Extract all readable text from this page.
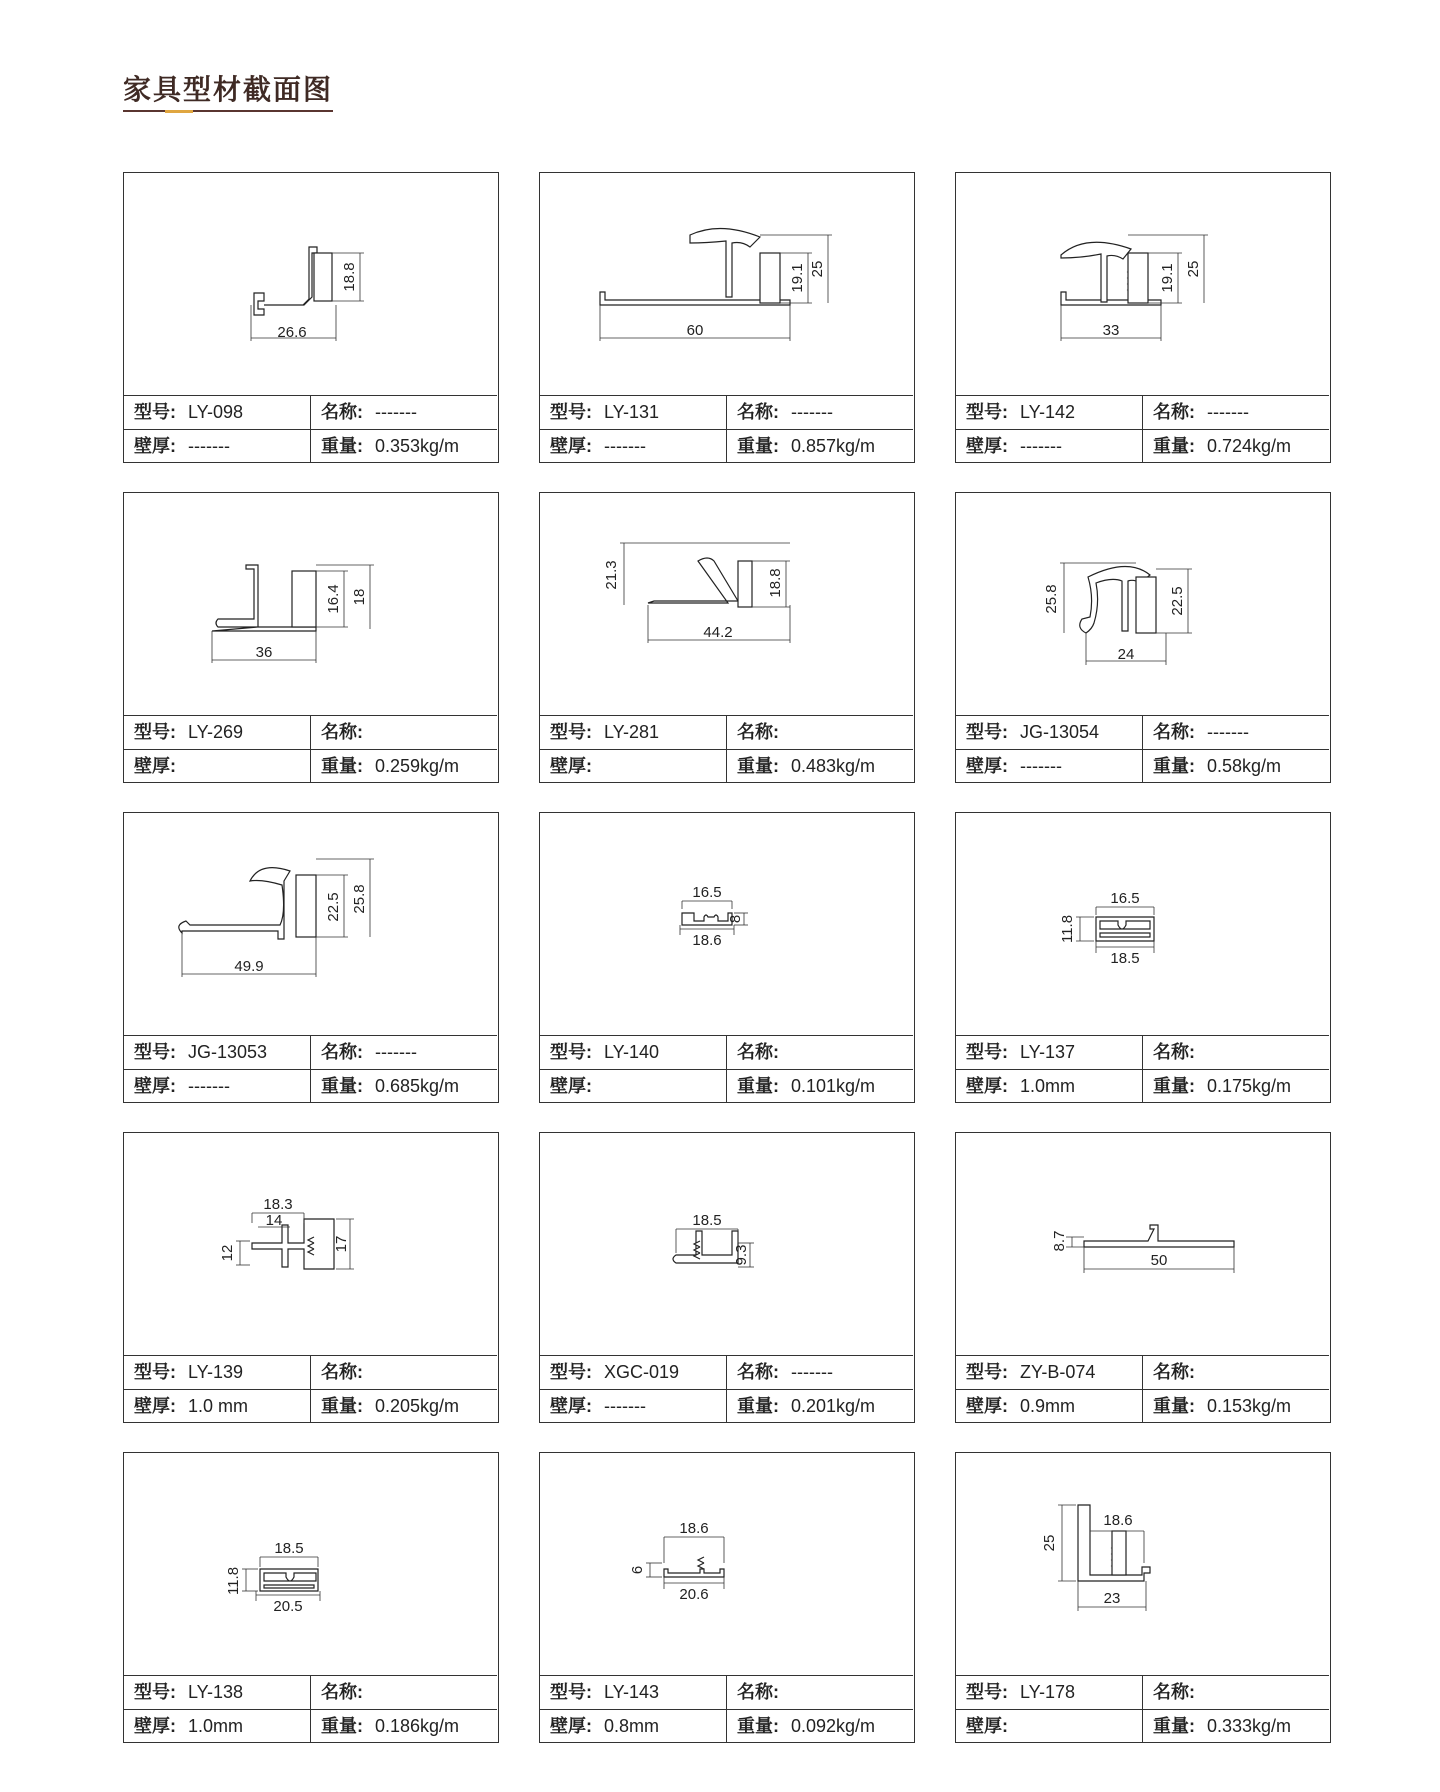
家具型材截面图
26.6
18.8
型号: LY-098	名称: -------
壁厚: -------	重量: 0.353kg/m
60
19.1 25
型号: LY-131	名称: -------
壁厚: -------	重量: 0.857kg/m
33
19.1 25
型号: LY-142	名称: -------
壁厚: -------	重量: 0.724kg/m
36
16.4 18
型号: LY-269	名称:
壁厚:	重量: 0.259kg/m
21.3
44.2
18.8
型号: LY-281	名称:
壁厚:	重量: 0.483kg/m
25.8
24
22.5
型号: JG-13054	名称: -------
壁厚: -------	重量: 0.58kg/m
49.9
22.5 25.8
型号: JG-13053	名称: -------
壁厚: -------	重量: 0.685kg/m
16.5
18.6
8
型号: LY-140	名称:
壁厚:	重量: 0.101kg/m
16.5
18.5
11.8
型号: LY-137	名称:
壁厚: 1.0mm	重量: 0.175kg/m
18.3
14
12
17
型号: LY-139	名称:
壁厚: 1.0 mm	重量: 0.205kg/m
18.5
9.3
型号: XGC-019	名称: -------
壁厚: -------	重量: 0.201kg/m
8.7
50
型号: ZY-B-074	名称:
壁厚: 0.9mm	重量: 0.153kg/m
18.5
20.5
11.8
型号: LY-138	名称:
壁厚: 1.0mm	重量: 0.186kg/m
18.6
20.6
6
型号: LY-143	名称:
壁厚: 0.8mm	重量: 0.092kg/m
25
18.6
23
型号: LY-178	名称:
壁厚:	重量: 0.333kg/m
